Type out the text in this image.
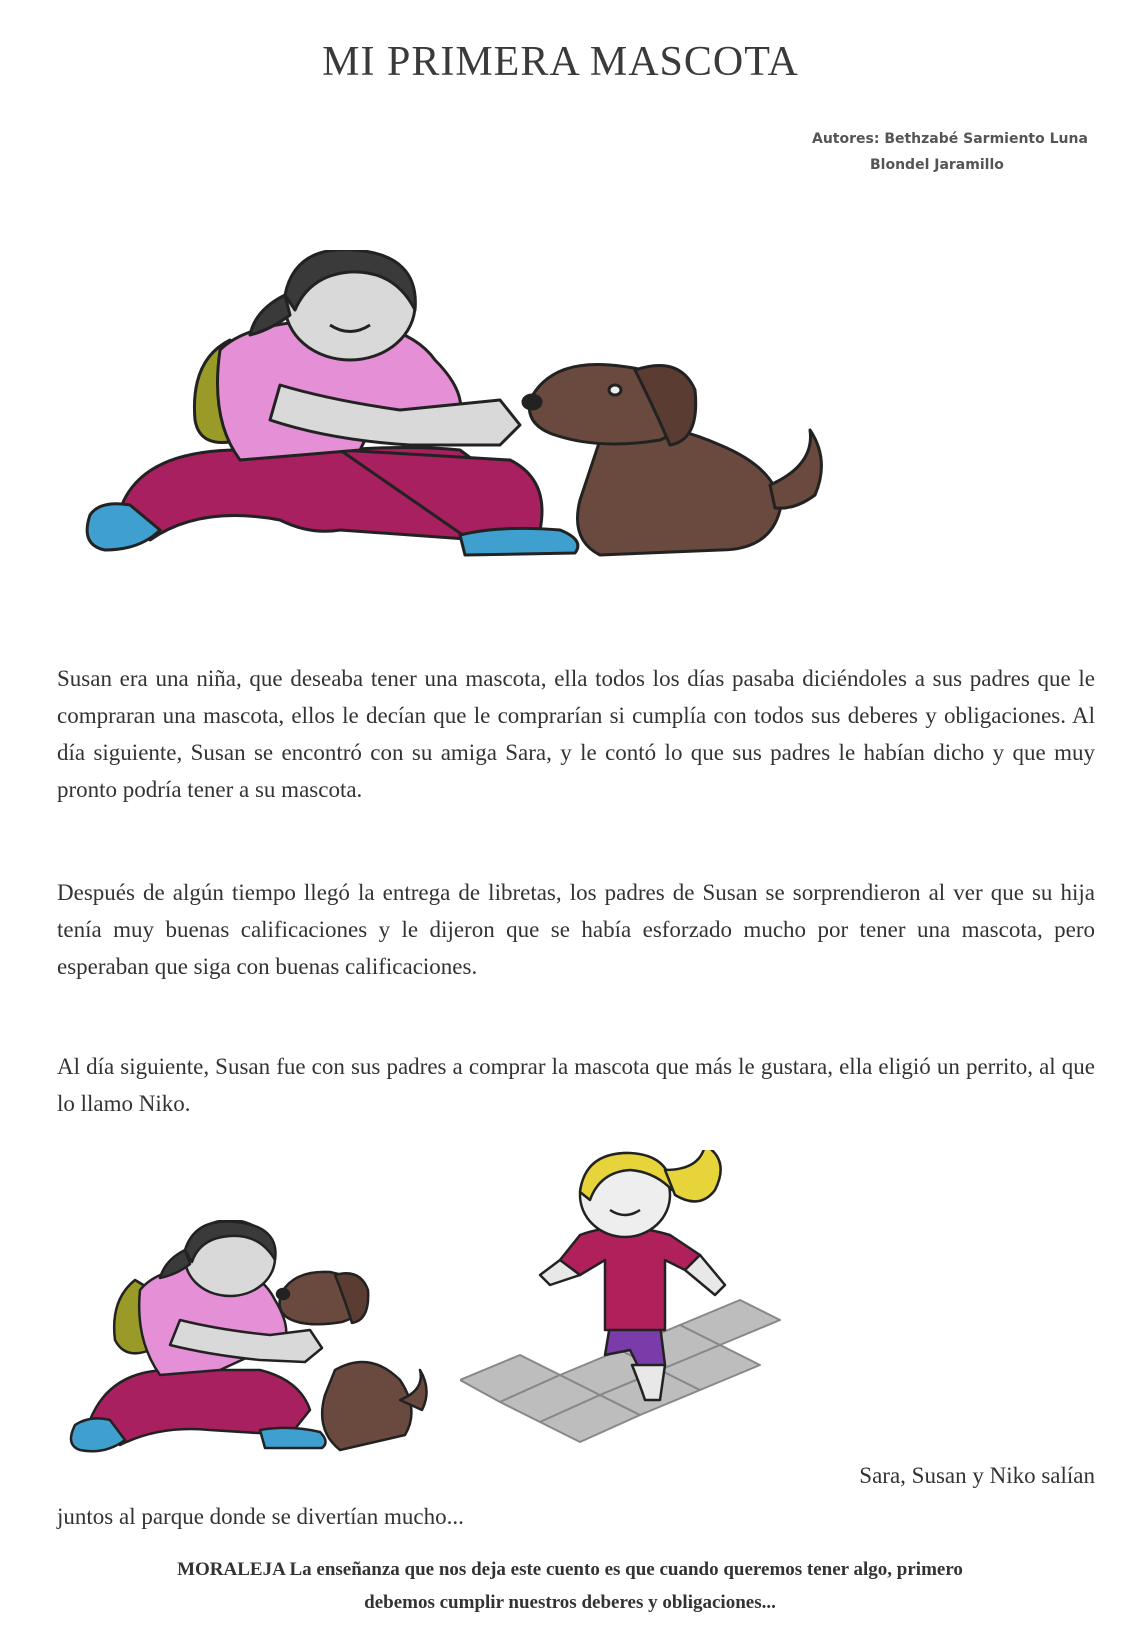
MI PRIMERA MASCOTA
Autores: Bethzabé Sarmiento Luna
Blondel Jaramillo

Susan era una niña, que deseaba tener una mascota, ella todos los días pasaba diciéndoles a sus padres que le compraran una mascota, ellos le decían que le comprarían si cumplía con todos sus deberes y obligaciones. Al día siguiente, Susan se encontró con su amiga Sara, y le contó lo que sus padres le habían dicho y que muy pronto podría tener a su mascota.

Después de algún tiempo llegó la entrega de libretas, los padres de Susan se sorprendieron al ver que su hija tenía muy buenas calificaciones y le dijeron que se había esforzado mucho por tener una mascota, pero esperaban que siga con buenas calificaciones.

Al día siguiente, Susan fue con sus padres a comprar la mascota que más le gustara, ella eligió un perrito, al que lo llamo Niko.

Sara, Susan y Niko salían

juntos al parque donde se divertían mucho...

MORALEJA La enseñanza que nos deja este cuento es que cuando queremos tener algo, primero
debemos cumplir nuestros deberes y obligaciones...
